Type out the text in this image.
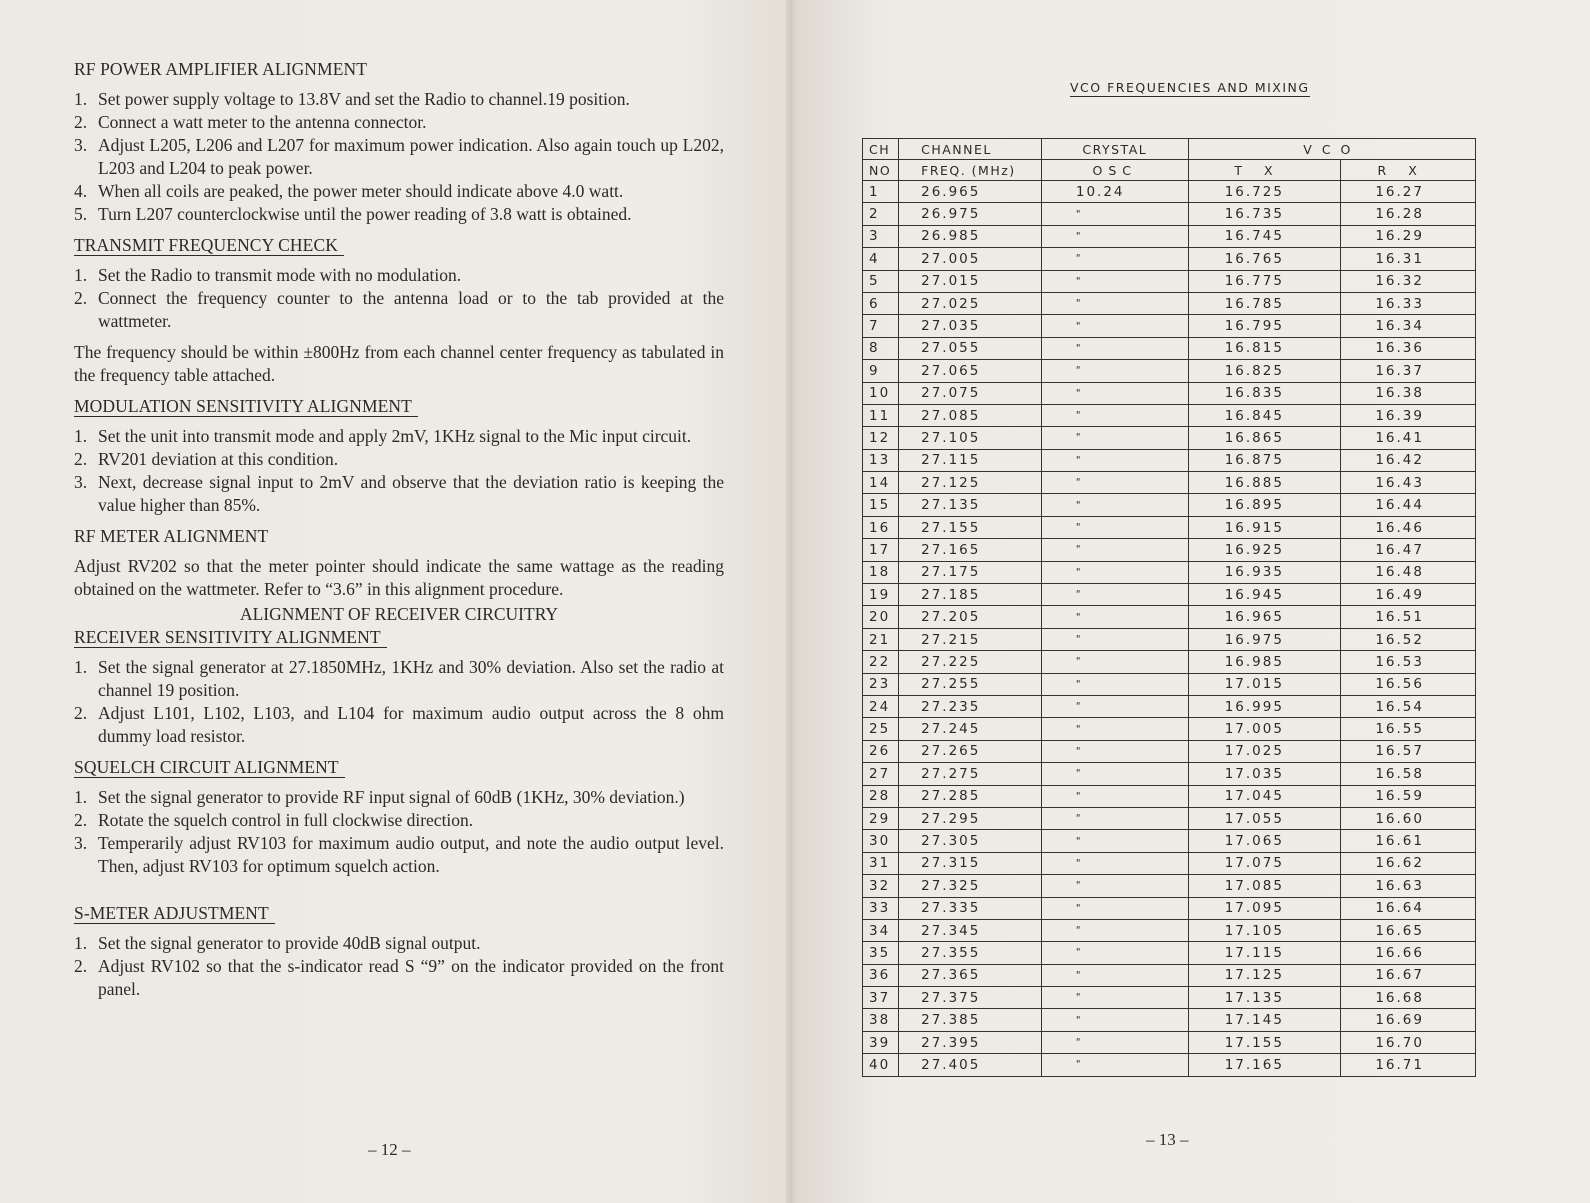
RF POWER AMPLIFIER ALIGNMENT
1. Set power supply voltage to 13.8V and set the Radio to channel.19 position.
2. Connect a watt meter to the antenna connector.
3. Adjust L205, L206 and L207 for maximum power indication. Also again touch up L202, L203 and L204 to peak power.
4. When all coils are peaked, the power meter should indicate above 4.0 watt.
5. Turn L207 counterclockwise until the power reading of 3.8 watt is obtained.
TRANSMIT FREQUENCY CHECK
1. Set the Radio to transmit mode with no modulation.
2. Connect the frequency counter to the antenna load or to the tab provided at the wattmeter.

The frequency should be within ±800Hz from each channel center frequency as tabulated in the frequency table attached.

MODULATION SENSITIVITY ALIGNMENT
1. Set the unit into transmit mode and apply 2mV, 1KHz signal to the Mic input circuit.
2. RV201 deviation at this condition.
3. Next, decrease signal input to 2mV and observe that the deviation ratio is keeping the value higher than 85%.
RF METER ALIGNMENT

Adjust RV202 so that the meter pointer should indicate the same wattage as the reading obtained on the wattmeter. Refer to “3.6” in this alignment procedure.

ALIGNMENT OF RECEIVER CIRCUITRY
RECEIVER SENSITIVITY ALIGNMENT
1. Set the signal generator at 27.1850MHz, 1KHz and 30% deviation. Also set the radio at channel 19 position.
2. Adjust L101, L102, L103, and L104 for maximum audio output across the 8 ohm dummy load resistor.
SQUELCH CIRCUIT ALIGNMENT
1. Set the signal generator to provide RF input signal of 60dB (1KHz, 30% deviation.)
2. Rotate the squelch control in full clockwise direction.
3. Temperarily adjust RV103 for maximum audio output, and note the audio output level. Then, adjust RV103 for optimum squelch action.
S-METER ADJUSTMENT
1. Set the signal generator to provide 40dB signal output.
2. Adjust RV102 so that the s-indicator read S “9” on the indicator provided on the front panel.
– 12 –
VCO FREQUENCIES AND MIXING
CH	CHANNEL	CRYSTAL	VCO	
NO	FREQ. (MHz)	OSC	TX	RX
1	26.965	10.24	16.725	16.27
2	26.975	"	16.735	16.28
3	26.985	"	16.745	16.29
4	27.005	"	16.765	16.31
5	27.015	"	16.775	16.32
6	27.025	"	16.785	16.33
7	27.035	"	16.795	16.34
8	27.055	"	16.815	16.36
9	27.065	"	16.825	16.37
10	27.075	"	16.835	16.38
11	27.085	"	16.845	16.39
12	27.105	"	16.865	16.41
13	27.115	"	16.875	16.42
14	27.125	"	16.885	16.43
15	27.135	"	16.895	16.44
16	27.155	"	16.915	16.46
17	27.165	"	16.925	16.47
18	27.175	"	16.935	16.48
19	27.185	"	16.945	16.49
20	27.205	"	16.965	16.51
21	27.215	"	16.975	16.52
22	27.225	"	16.985	16.53
23	27.255	"	17.015	16.56
24	27.235	"	16.995	16.54
25	27.245	"	17.005	16.55
26	27.265	"	17.025	16.57
27	27.275	"	17.035	16.58
28	27.285	"	17.045	16.59
29	27.295	"	17.055	16.60
30	27.305	"	17.065	16.61
31	27.315	"	17.075	16.62
32	27.325	"	17.085	16.63
33	27.335	"	17.095	16.64
34	27.345	"	17.105	16.65
35	27.355	"	17.115	16.66
36	27.365	"	17.125	16.67
37	27.375	"	17.135	16.68
38	27.385	"	17.145	16.69
39	27.395	"	17.155	16.70
40	27.405	"	17.165	16.71
– 13 –
